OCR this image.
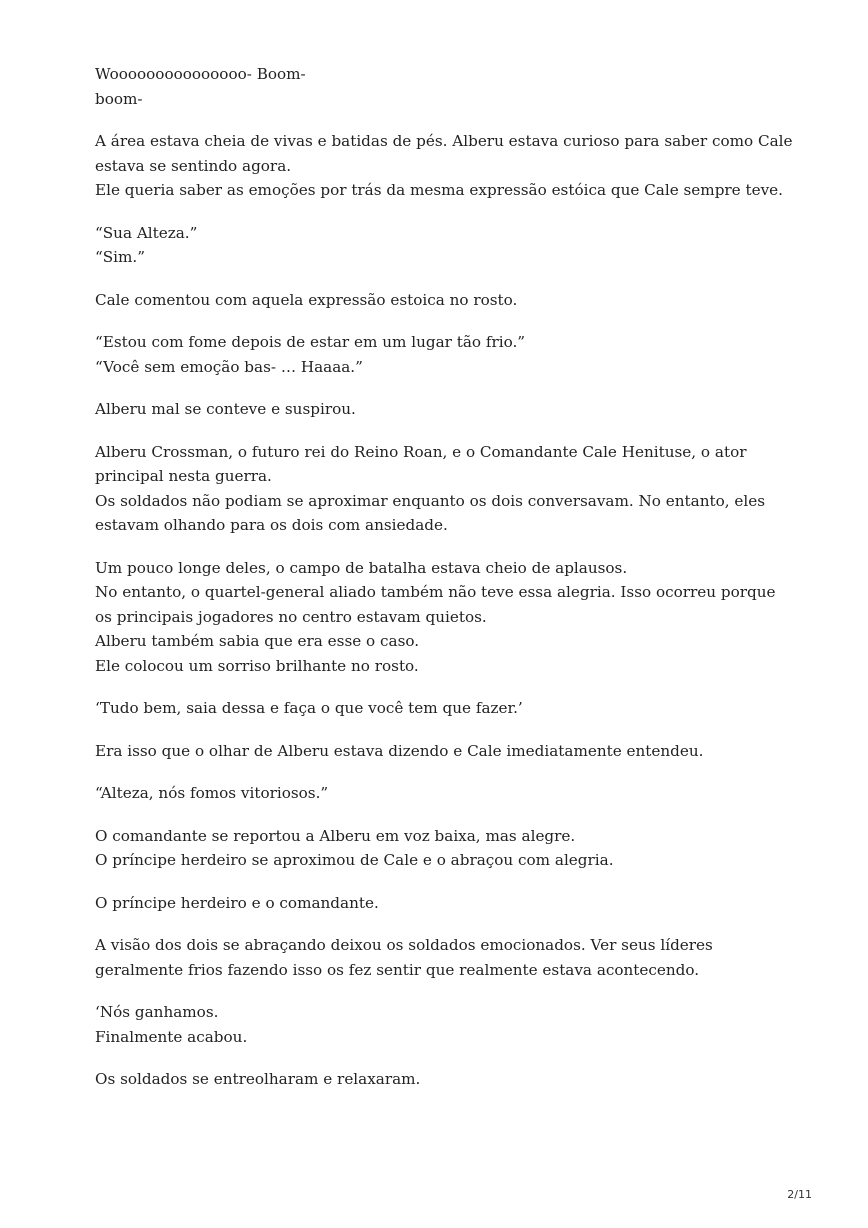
Wooooooooooooooo- Boom-
boom-

A área estava cheia de vivas e batidas de pés. Alberu estava curioso para saber como Cale
estava se sentindo agora.
Ele queria saber as emoções por trás da mesma expressão estóica que Cale sempre teve.

“Sua Alteza.”
“Sim.”

Cale comentou com aquela expressão estoica no rosto.

“Estou com fome depois de estar em um lugar tão frio.”
“Você sem emoção bas- … Haaaa.”

Alberu mal se conteve e suspirou.

Alberu Crossman, o futuro rei do Reino Roan, e o Comandante Cale Henituse, o ator
principal nesta guerra.
Os soldados não podiam se aproximar enquanto os dois conversavam. No entanto, eles
estavam olhando para os dois com ansiedade.

Um pouco longe deles, o campo de batalha estava cheio de aplausos.
No entanto, o quartel-general aliado também não teve essa alegria. Isso ocorreu porque
os principais jogadores no centro estavam quietos.
Alberu também sabia que era esse o caso.
Ele colocou um sorriso brilhante no rosto.

‘Tudo bem, saia dessa e faça o que você tem que fazer.’

Era isso que o olhar de Alberu estava dizendo e Cale imediatamente entendeu.

“Alteza, nós fomos vitoriosos.”

O comandante se reportou a Alberu em voz baixa, mas alegre.
O príncipe herdeiro se aproximou de Cale e o abraçou com alegria.

O príncipe herdeiro e o comandante.

A visão dos dois se abraçando deixou os soldados emocionados. Ver seus líderes
geralmente frios fazendo isso os fez sentir que realmente estava acontecendo.

‘Nós ganhamos.
Finalmente acabou.

Os soldados se entreolharam e relaxaram.

2/11
